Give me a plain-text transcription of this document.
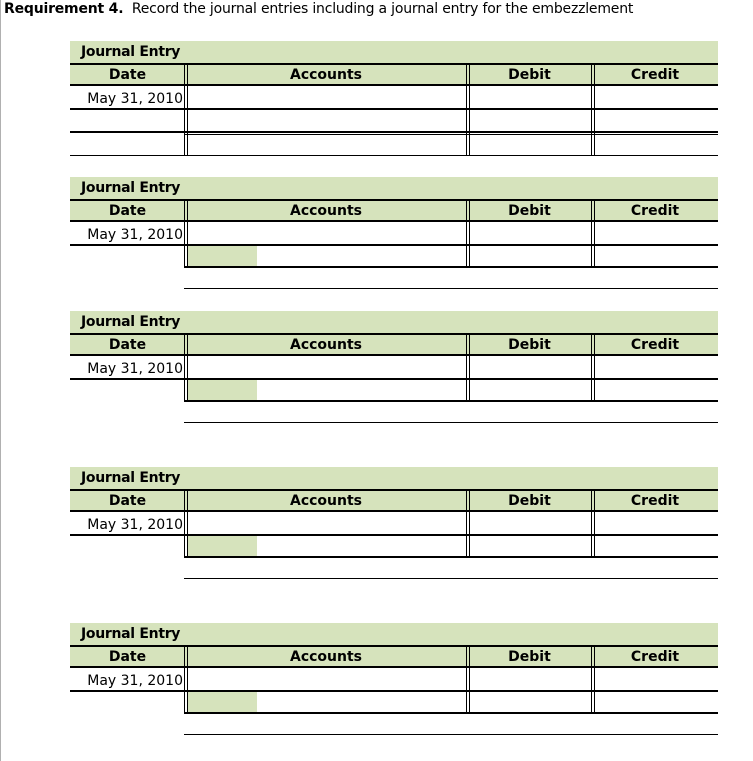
Requirement 4. Record the journal entries including a journal entry for the embezzlement
Journal Entry
Date	Accounts	Debit	Credit
May 31, 2010
Journal Entry
Date	Accounts	Debit	Credit
May 31, 2010
Journal Entry
Date	Accounts	Debit	Credit
May 31, 2010
Journal Entry
Date	Accounts	Debit	Credit
May 31, 2010
Journal Entry
Date	Accounts	Debit	Credit
May 31, 2010
